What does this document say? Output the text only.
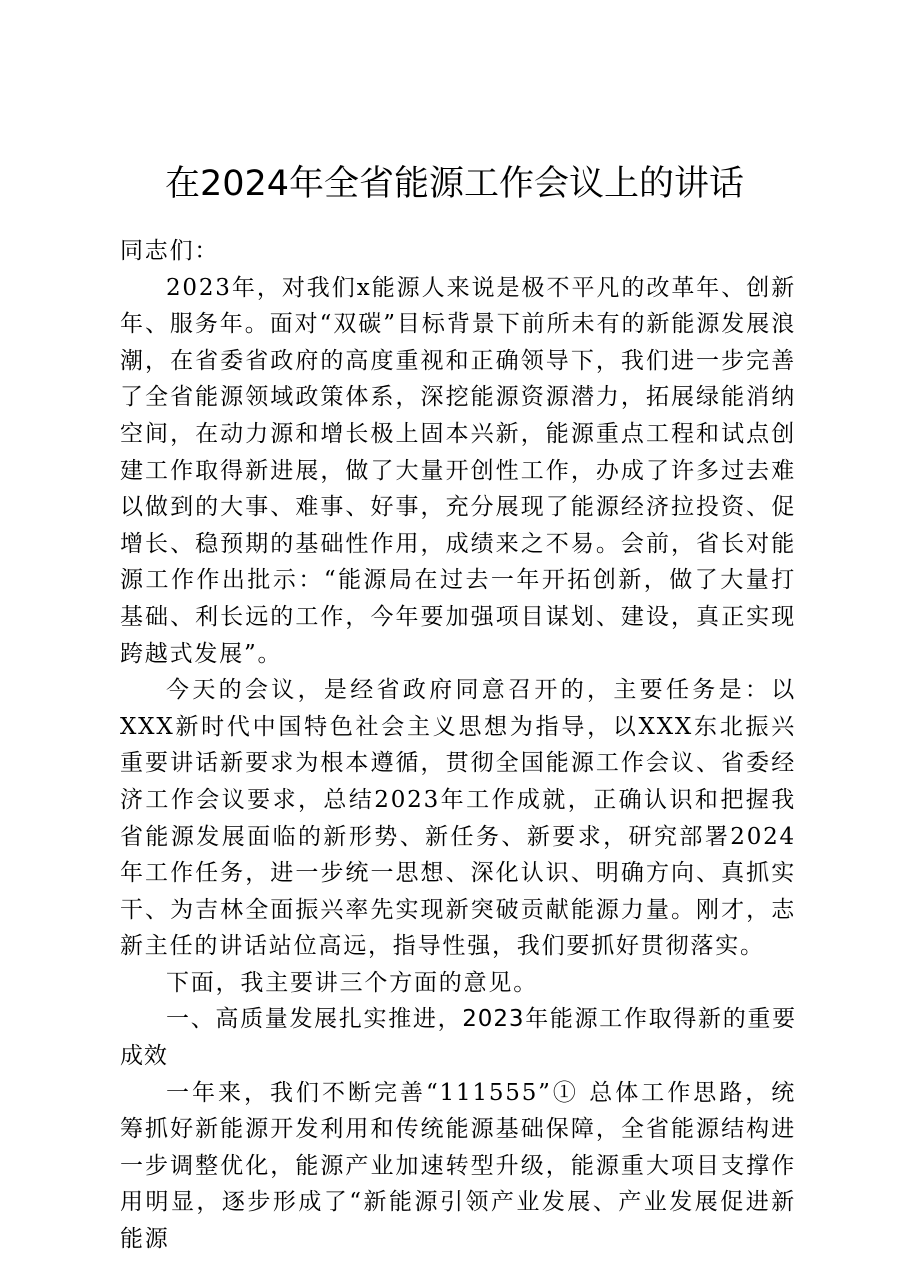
在2024年全省能源工作会议上的讲话

同志们：

2023年，对我们x能源人来说是极不平凡的改革年、创新年、服务年。面对“双碳”目标背景下前所未有的新能源发展浪潮，在省委省政府的高度重视和正确领导下，我们进一步完善了全省能源领域政策体系，深挖能源资源潜力，拓展绿能消纳空间，在动力源和增长极上固本兴新，能源重点工程和试点创建工作取得新进展，做了大量开创性工作，办成了许多过去难以做到的大事、难事、好事，充分展现了能源经济拉投资、促增长、稳预期的基础性作用，成绩来之不易。会前，省长对能源工作作出批示：“能源局在过去一年开拓创新，做了大量打基础、利长远的工作，今年要加强项目谋划、建设，真正实现跨越式发展”。

今天的会议，是经省政府同意召开的，主要任务是：以XXX新时代中国特色社会主义思想为指导，以XXX东北振兴重要讲话新要求为根本遵循，贯彻全国能源工作会议、省委经济工作会议要求，总结2023年工作成就，正确认识和把握我省能源发展面临的新形势、新任务、新要求，研究部署2024年工作任务，进一步统一思想、深化认识、明确方向、真抓实干、为吉林全面振兴率先实现新突破贡献能源力量。刚才，志新主任的讲话站位高远，指导性强，我们要抓好贯彻落实。

下面，我主要讲三个方面的意见。

一、高质量发展扎实推进，2023年能源工作取得新的重要成效

一年来，我们不断完善“111555”① 总体工作思路，统筹抓好新能源开发利用和传统能源基础保障，全省能源结构进一步调整优化，能源产业加速转型升级，能源重大项目支撑作用明显，逐步形成了“新能源引领产业发展、产业发展促进新能源
